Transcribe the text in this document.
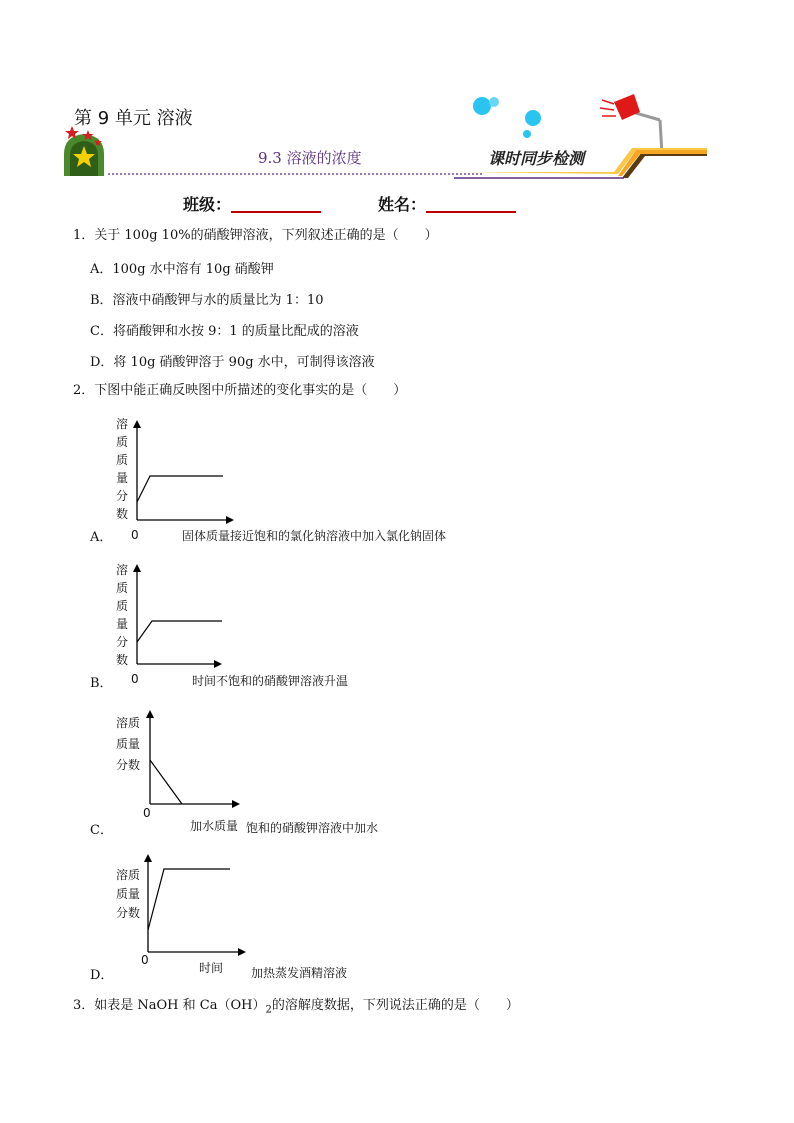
第 9 单元 溶液
9.3 溶液的浓度	课时同步检测
班级：	姓名：
1．关于 100g 10%的硝酸钾溶液，下列叙述正确的是（　　）
A．100g 水中溶有 10g 硝酸钾
B．溶液中硝酸钾与水的质量比为 1：10
C．将硝酸钾和水按 9：1 的质量比配成的溶液
D．将 10g 硝酸钾溶于 90g 水中，可制得该溶液
2．下图中能正确反映图中所描述的变化事实的是（　　）
A．
溶
质
质
量
分
数
0	固体质量接近饱和的氯化钠溶液中加入氯化钠固体
B．
溶
质
质
量
分
数
0	时间不饱和的硝酸钾溶液升温
C．
溶质
质量
分数
0
加水质量 饱和的硝酸钾溶液中加水
D．
溶质
质量
分数
0
时间 加热蒸发酒精溶液
3．如表是 NaOH 和 $Ca(OH)_2$的溶解度数据，下列说法正确的是（　　）
